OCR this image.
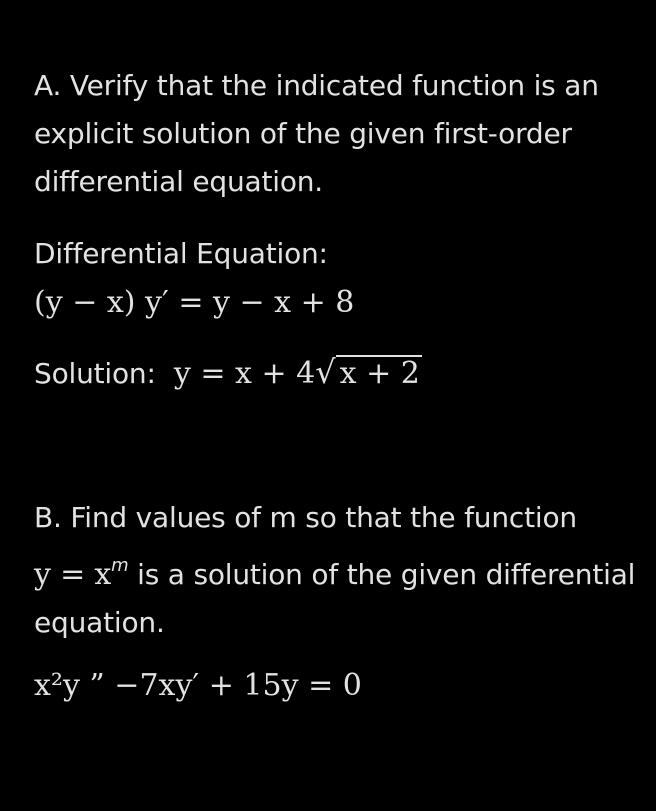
A. Verify that the indicated function is an
explicit solution of the given first-order
differential equation.
Differential Equation:
(y − x) y′ = y − x + 8
Solution: y = x + 4√ x + 2
B. Find values of m so that the function
$y = x^m$ is a solution of the given differential
equation.
x²y ” −7xy′ + 15y = 0
